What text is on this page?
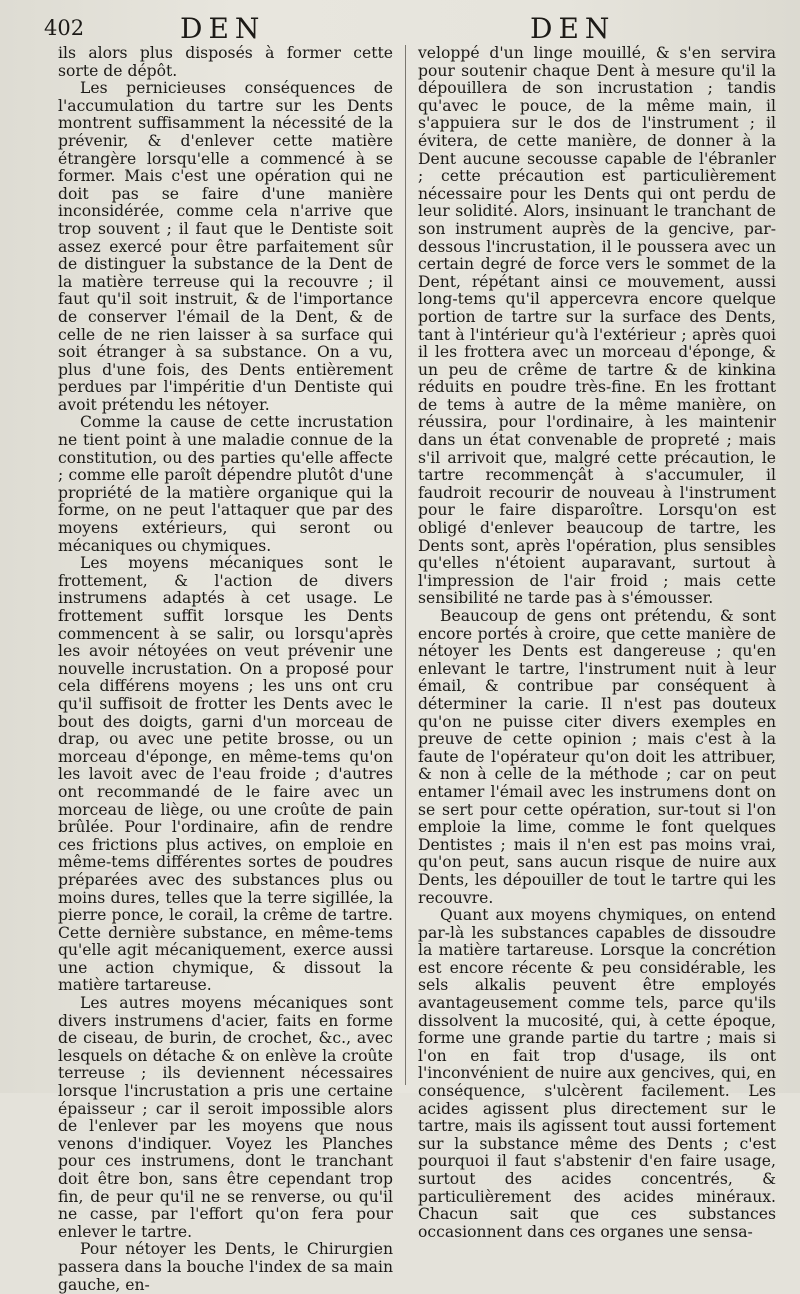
402	DEN	DEN

ils alors plus disposés à former cette sorte de dépôt.

Les pernicieuses conséquences de l'accumulation du tartre sur les Dents montrent suffisamment la nécessité de la prévenir, & d'enlever cette matière étrangère lorsqu'elle a commencé à se former. Mais c'est une opération qui ne doit pas se faire d'une manière inconsidérée, comme cela n'arrive que trop souvent ; il faut que le Dentiste soit assez exercé pour être parfaitement sûr de distinguer la substance de la Dent de la matière terreuse qui la recouvre ; il faut qu'il soit instruit, & de l'importance de conserver l'émail de la Dent, & de celle de ne rien laisser à sa surface qui soit étranger à sa substance. On a vu, plus d'une fois, des Dents entièrement perdues par l'impéritie d'un Dentiste qui avoit prétendu les nétoyer.

Comme la cause de cette incrustation ne tient point à une maladie connue de la constitution, ou des parties qu'elle affecte ; comme elle paroît dépendre plutôt d'une propriété de la matière organique qui la forme, on ne peut l'attaquer que par des moyens extérieurs, qui seront ou mécaniques ou chymiques.

Les moyens mécaniques sont le frottement, & l'action de divers instrumens adaptés à cet usage. Le frottement suffit lorsque les Dents commencent à se salir, ou lorsqu'après les avoir nétoyées on veut prévenir une nouvelle incrustation. On a proposé pour cela différens moyens ; les uns ont cru qu'il suffisoit de frotter les Dents avec le bout des doigts, garni d'un morceau de drap, ou avec une petite brosse, ou un morceau d'éponge, en même-tems qu'on les lavoit avec de l'eau froide ; d'autres ont recommandé de le faire avec un morceau de liège, ou une croûte de pain brûlée. Pour l'ordinaire, afin de rendre ces frictions plus actives, on emploie en même-tems différentes sortes de poudres préparées avec des substances plus ou moins dures, telles que la terre sigillée, la pierre ponce, le corail, la crême de tartre. Cette dernière substance, en même-tems qu'elle agit mécaniquement, exerce aussi une action chymique, & dissout la matière tartareuse.

Les autres moyens mécaniques sont divers instrumens d'acier, faits en forme de ciseau, de burin, de crochet, &c., avec lesquels on détache & on enlève la croûte terreuse ; ils deviennent nécessaires lorsque l'incrustation a pris une certaine épaisseur ; car il seroit impossible alors de l'enlever par les moyens que nous venons d'indiquer. Voyez les Planches pour ces instrumens, dont le tranchant doit être bon, sans être cependant trop fin, de peur qu'il ne se renverse, ou qu'il ne casse, par l'effort qu'on fera pour enlever le tartre.

Pour nétoyer les Dents, le Chirurgien passera dans la bouche l'index de sa main gauche, en-

veloppé d'un linge mouillé, & s'en servira pour soutenir chaque Dent à mesure qu'il la dépouillera de son incrustation ; tandis qu'avec le pouce, de la même main, il s'appuiera sur le dos de l'instrument ; il évitera, de cette manière, de donner à la Dent aucune secousse capable de l'ébranler ; cette précaution est particulièrement nécessaire pour les Dents qui ont perdu de leur solidité. Alors, insinuant le tranchant de son instrument auprès de la gencive, par-dessous l'incrustation, il le poussera avec un certain degré de force vers le sommet de la Dent, répétant ainsi ce mouvement, aussi long-tems qu'il appercevra encore quelque portion de tartre sur la surface des Dents, tant à l'intérieur qu'à l'extérieur ; après quoi il les frottera avec un morceau d'éponge, & un peu de crême de tartre & de kinkina réduits en poudre très-fine. En les frottant de tems à autre de la même manière, on réussira, pour l'ordinaire, à les maintenir dans un état convenable de propreté ; mais s'il arrivoit que, malgré cette précaution, le tartre recommençât à s'accumuler, il faudroit recourir de nouveau à l'instrument pour le faire disparoître. Lorsqu'on est obligé d'enlever beaucoup de tartre, les Dents sont, après l'opération, plus sensibles qu'elles n'étoient auparavant, surtout à l'impression de l'air froid ; mais cette sensibilité ne tarde pas à s'émousser.

Beaucoup de gens ont prétendu, & sont encore portés à croire, que cette manière de nétoyer les Dents est dangereuse ; qu'en enlevant le tartre, l'instrument nuit à leur émail, & contribue par conséquent à déterminer la carie. Il n'est pas douteux qu'on ne puisse citer divers exemples en preuve de cette opinion ; mais c'est à la faute de l'opérateur qu'on doit les attribuer, & non à celle de la méthode ; car on peut entamer l'émail avec les instrumens dont on se sert pour cette opération, sur-tout si l'on emploie la lime, comme le font quelques Dentistes ; mais il n'en est pas moins vrai, qu'on peut, sans aucun risque de nuire aux Dents, les dépouiller de tout le tartre qui les recouvre.

Quant aux moyens chymiques, on entend par-là les substances capables de dissoudre la matière tartareuse. Lorsque la concrétion est encore récente & peu considérable, les sels alkalis peuvent être employés avantageusement comme tels, parce qu'ils dissolvent la mucosité, qui, à cette époque, forme une grande partie du tartre ; mais si l'on en fait trop d'usage, ils ont l'inconvénient de nuire aux gencives, qui, en conséquence, s'ulcèrent facilement. Les acides agissent plus directement sur le tartre, mais ils agissent tout aussi fortement sur la substance même des Dents ; c'est pourquoi il faut s'abstenir d'en faire usage, surtout des acides concentrés, & particulièrement des acides minéraux. Chacun sait que ces substances occasionnent dans ces organes une sensa-
